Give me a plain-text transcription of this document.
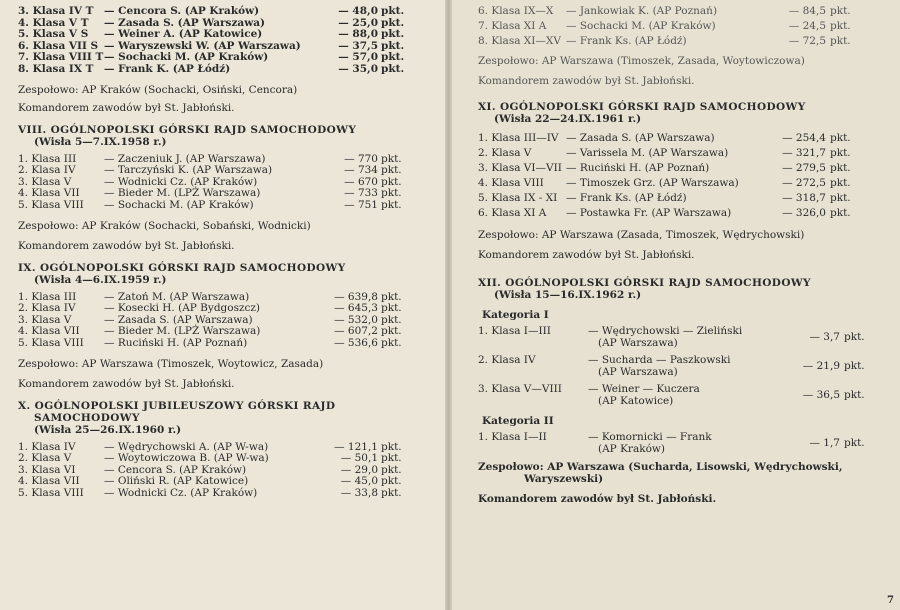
3. Klasa IV T	— Cencora S. (AP Kraków)	— 48,0 pkt.
4. Klasa V T	— Zasada S. (AP Warszawa)	— 25,0 pkt.
5. Klasa V S	— Weiner A. (AP Katowice)	— 88,0 pkt.
6. Klasa VII S — Waryszewski W. (AP Warszawa)	— 37,5 pkt.
7. Klasa VIII T — Sochacki M. (AP Kraków)	— 57,0 pkt.
8. Klasa IX T	— Frank K. (AP Łódź)	— 35,0 pkt.
Zespołowo: AP Kraków (Sochacki, Osiński, Cencora)
Komandorem zawodów był St. Jabłoński.
VIII. OGÓLNOPOLSKI GÓRSKI RAJD SAMOCHODOWY
(Wisła 5—7.IX.1958 r.)
1. Klasa III	— Zaczeniuk J. (AP Warszawa)	— 770 pkt.
2. Klasa IV	— Tarczyński K. (AP Warszawa)	— 734 pkt.
3. Klasa V	— Wodnicki Cz. (AP Kraków)	— 670 pkt.
4. Klasa VII	— Bieder M. (LPŻ Warszawa)	— 733 pkt.
5. Klasa VIII	— Sochacki M. (AP Kraków)	— 751 pkt.
Zespołowo: AP Kraków (Sochacki, Sobański, Wodnicki)
Komandorem zawodów był St. Jabłoński.
IX. OGÓLNOPOLSKI GÓRSKI RAJD SAMOCHODOWY
(Wisła 4—6.IX.1959 r.)
1. Klasa III	— Zatoń M. (AP Warszawa)	— 639,8 pkt.
2. Klasa IV	— Kosecki H. (AP Bydgoszcz)	— 645,3 pkt.
3. Klasa V	— Zasada S. (AP Warszawa)	— 532,0 pkt.
4. Klasa VII	— Bieder M. (LPŻ Warszawa)	— 607,2 pkt.
5. Klasa VIII	— Ruciński H. (AP Poznań)	— 536,6 pkt.
Zespołowo: AP Warszawa (Timoszek, Woytowicz, Zasada)
Komandorem zawodów był St. Jabłoński.
X. OGÓLNOPOLSKI JUBILEUSZOWY GÓRSKI RAJD
SAMOCHODOWY
(Wisła 25—26.IX.1960 r.)
1. Klasa IV	— Wędrychowski A. (AP W-wa)	— 121,1 pkt.
2. Klasa V	— Woytowiczowa B. (AP W-wa)	— 50,1 pkt.
3. Klasa VI	— Cencora S. (AP Kraków)	— 29,0 pkt.
4. Klasa VII	— Oliński R. (AP Katowice)	— 45,0 pkt.
5. Klasa VIII	— Wodnicki Cz. (AP Kraków)	— 33,8 pkt.
6. Klasa IX—X	— Jankowiak K. (AP Poznań)	— 84,5 pkt.
7. Klasa XI A	— Sochacki M. (AP Kraków)	— 24,5 pkt.
8. Klasa XI—XV — Frank Ks. (AP Łódź)	— 72,5 pkt.
Zespołowo: AP Warszawa (Timoszek, Zasada, Woytowiczowa)
Komandorem zawodów był St. Jabłoński.
XI. OGÓLNOPOLSKI GÓRSKI RAJD SAMOCHODOWY
(Wisła 22—24.IX.1961 r.)
1. Klasa III—IV — Zasada S. (AP Warszawa)	— 254,4 pkt.
2. Klasa V	— Varissela M. (AP Warszawa)	— 321,7 pkt.
3. Klasa VI—VII — Ruciński H. (AP Poznań)	— 279,5 pkt.
4. Klasa VIII	— Timoszek Grz. (AP Warszawa)	— 272,5 pkt.
5. Klasa IX - XI — Frank Ks. (AP Łódź)	— 318,7 pkt.
6. Klasa XI A	— Postawka Fr. (AP Warszawa)	— 326,0 pkt.
Zespołowo: AP Warszawa (Zasada, Timoszek, Wędrychowski)
Komandorem zawodów był St. Jabłoński.
XII. OGÓLNOPOLSKI GÓRSKI RAJD SAMOCHODOWY
(Wisła 15—16.IX.1962 r.)
Kategoria I
1. Klasa I—III	— Wędrychowski — Zieliński
(AP Warszawa)	— 3,7 pkt.
2. Klasa IV	— Sucharda — Paszkowski
(AP Warszawa)	— 21,9 pkt.
3. Klasa V—VIII	— Weiner — Kuczera
(AP Katowice)	— 36,5 pkt.
Kategoria II
1. Klasa I—II	— Komornicki — Frank
(AP Kraków)	— 1,7 pkt.
Zespołowo: AP Warszawa (Sucharda, Lisowski, Wędrychowski,
Waryszewski)
Komandorem zawodów był St. Jabłoński.
7
